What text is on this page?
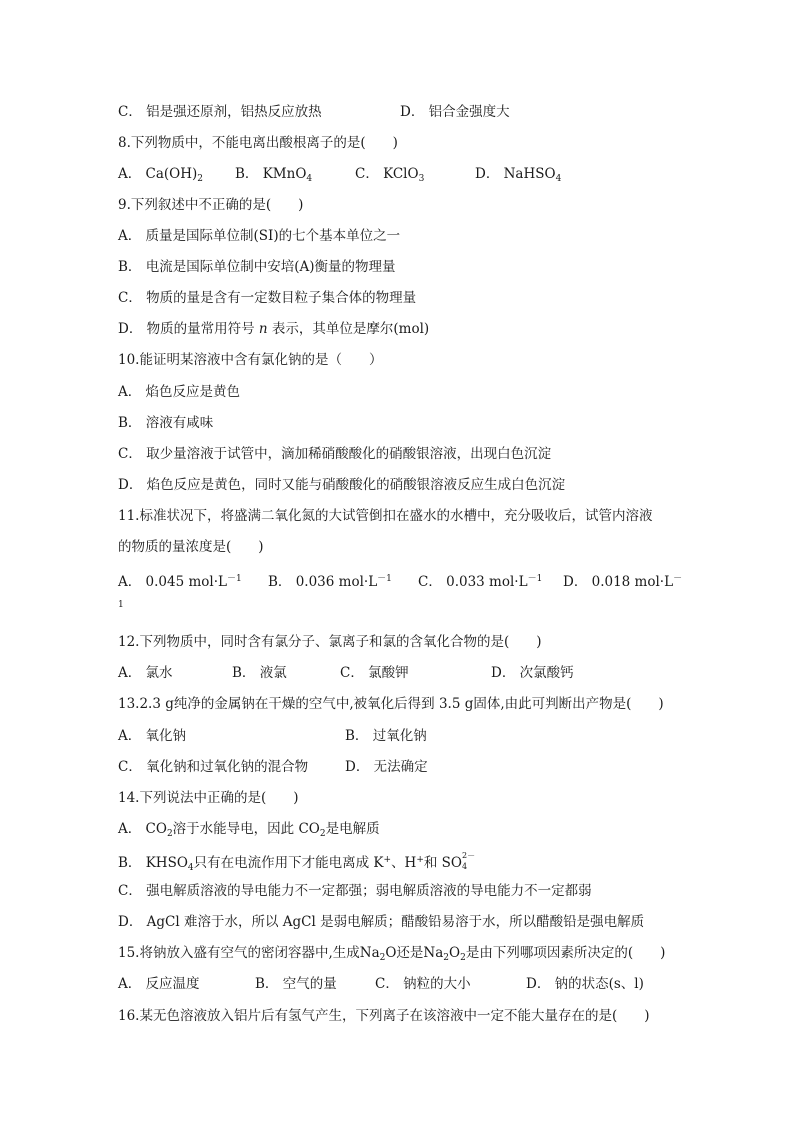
C． 铝是强还原剂，铝热反应放热	D． 铝合金强度大
8.下列物质中，不能电离出酸根离子的是(　　)
A． $Ca(OH)_2$ B． KMnO$_4$	C． KClO$_3$	D． NaHSO$_4$
9.下列叙述中不正确的是(　　)
A． 质量是国际单位制(SI)的七个基本单位之一
B． 电流是国际单位制中安培(A)衡量的物理量
C． 物质的量是含有一定数目粒子集合体的物理量
D． 物质的量常用符号 n 表示，其单位是摩尔(mol)
10.能证明某溶液中含有氯化钠的是（　　）
A． 焰色反应是黄色
B． 溶液有咸味
C． 取少量溶液于试管中，滴加稀硝酸酸化的硝酸银溶液，出现白色沉淀
D． 焰色反应是黄色，同时又能与硝酸酸化的硝酸银溶液反应生成白色沉淀
11.标准状况下，将盛满二氧化氮的大试管倒扣在盛水的水槽中，充分吸收后，试管内溶液
的物质的量浓度是(　　)
A． 0.045 $mol\cdot L^{-1}$ B． 0.036 $mol\cdot L^{-1}$ C． 0.033 $mol\cdot L^{-1}$ D． 0.018 mol·L－
1
12.下列物质中，同时含有氯分子、氯离子和氯的含氧化合物的是(　　)
A． 氯水	B． 液氯	C． 氯酸钾	D． 次氯酸钙
13.2.3 g纯净的金属钠在干燥的空气中,被氧化后得到 3.5 g固体,由此可判断出产物是(　　)
A． 氧化钠	B． 过氧化钠
C． 氧化钠和过氧化钠的混合物	D． 无法确定
14.下列说法中正确的是(　　)
A． $CO_2$溶于水能导电，因此 $CO_2$是电解质
B． $KHSO_4$只有在电流作用下才能电离成 K+、H+和 SO 2－
4
C． 强电解质溶液的导电能力不一定都强；弱电解质溶液的导电能力不一定都弱
D． AgCl 难溶于水，所以 AgCl 是弱电解质；醋酸铅易溶于水，所以醋酸铅是强电解质
15.将钠放入盛有空气的密闭容器中,生成$Na_2O$还是$Na_2O_2$是由下列哪项因素所决定的(　　)
A． 反应温度	B． 空气的量	C． 钠粒的大小	D． 钠的状态(s、l)
16.某无色溶液放入铝片后有氢气产生，下列离子在该溶液中一定不能大量存在的是(　　)
